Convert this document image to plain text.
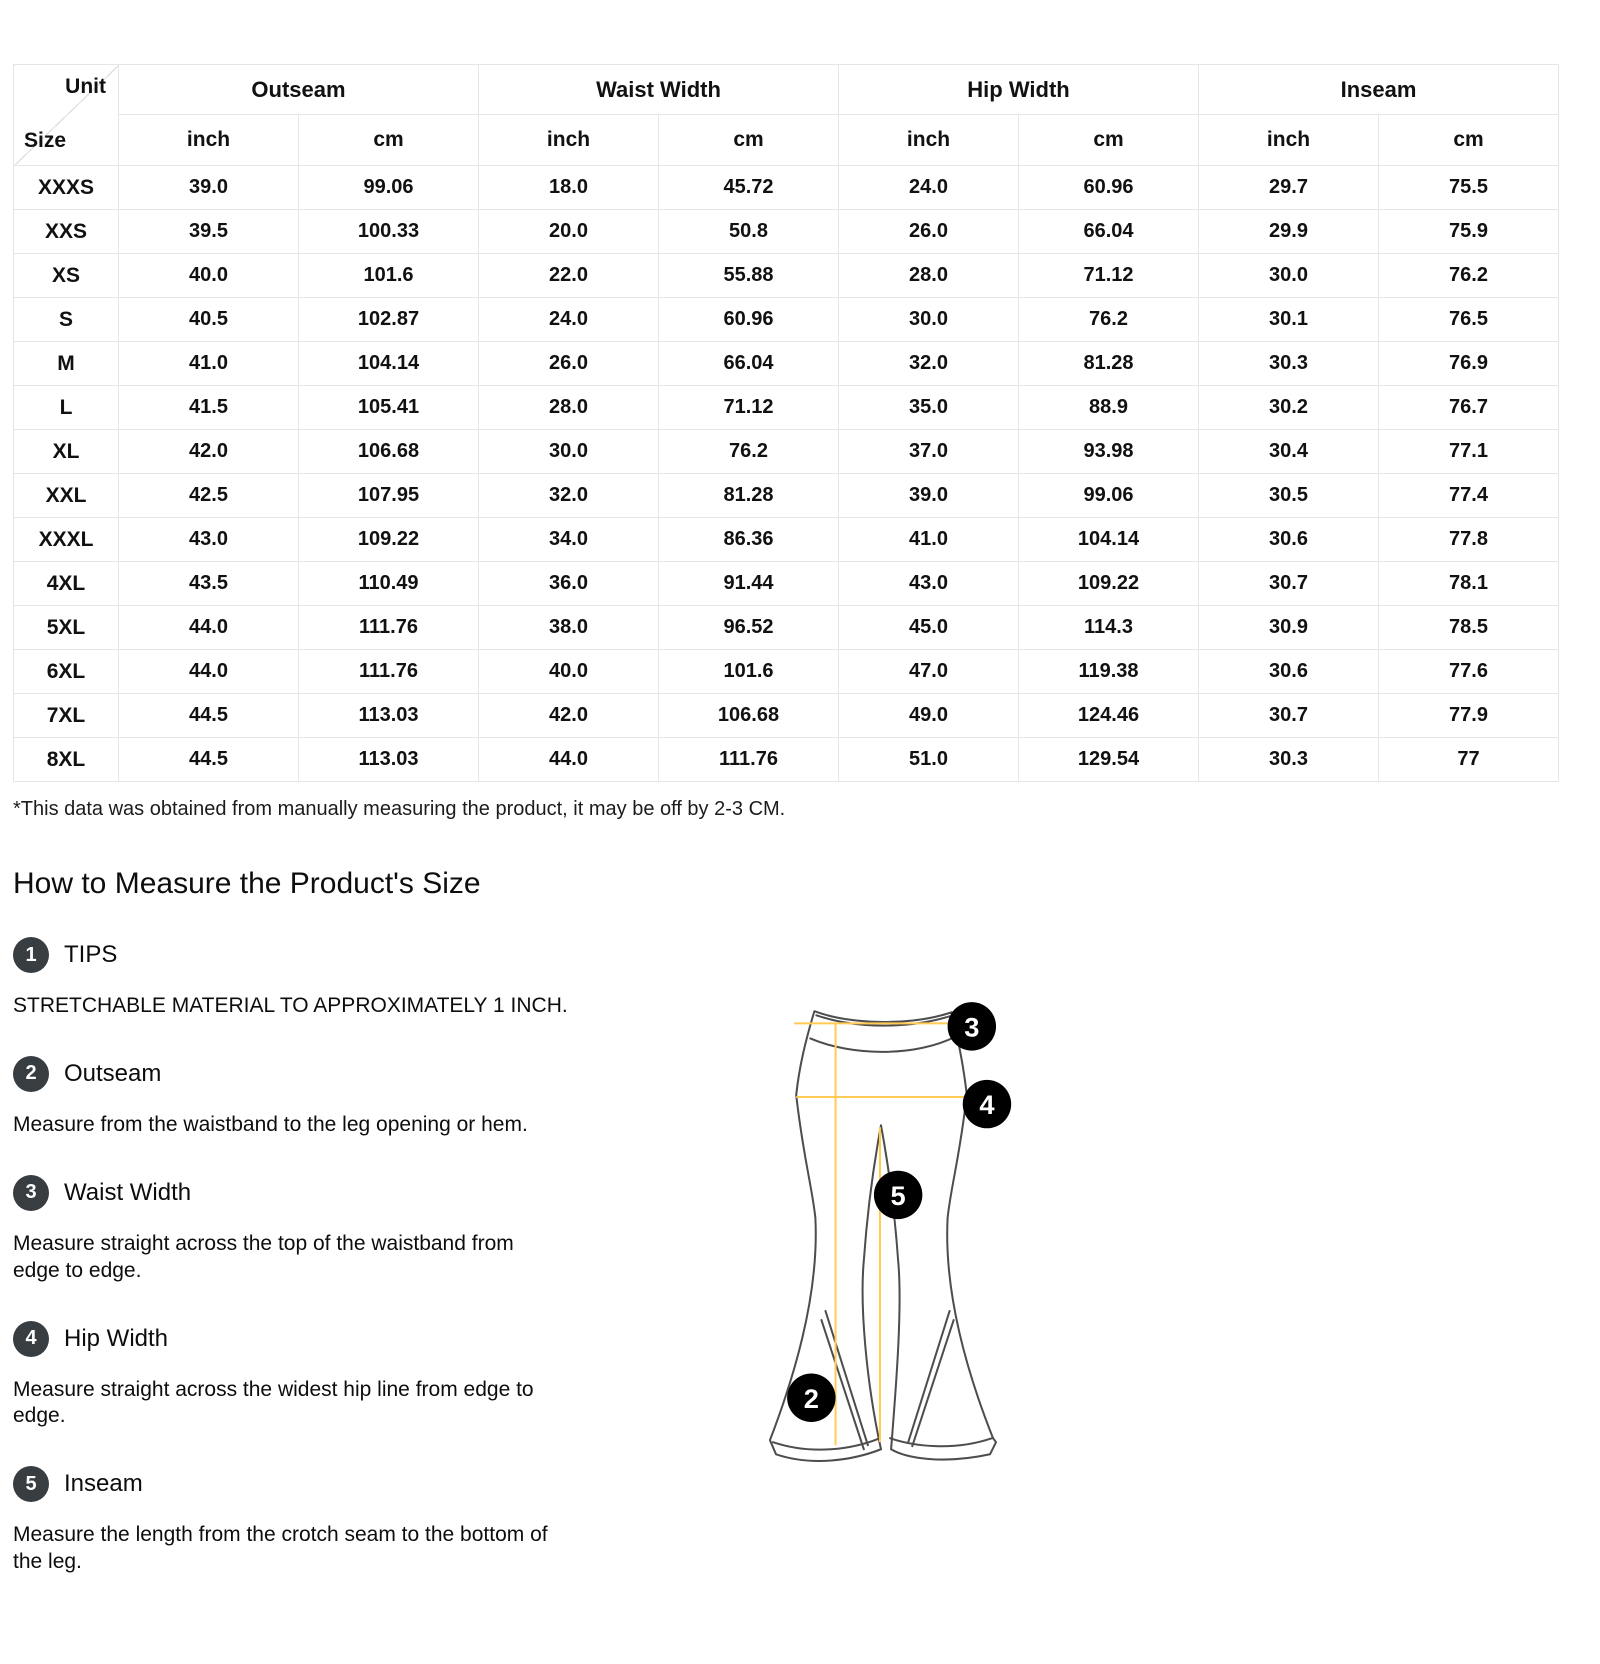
Unit
Size	Outseam		Waist Width		Hip Width		Inseam	
	inch	cm	inch	cm	inch	cm	inch	cm
XXXS	39.0	99.06	18.0	45.72	24.0	60.96	29.7	75.5
XXS	39.5	100.33	20.0	50.8	26.0	66.04	29.9	75.9
XS	40.0	101.6	22.0	55.88	28.0	71.12	30.0	76.2
S	40.5	102.87	24.0	60.96	30.0	76.2	30.1	76.5
M	41.0	104.14	26.0	66.04	32.0	81.28	30.3	76.9
L	41.5	105.41	28.0	71.12	35.0	88.9	30.2	76.7
XL	42.0	106.68	30.0	76.2	37.0	93.98	30.4	77.1
XXL	42.5	107.95	32.0	81.28	39.0	99.06	30.5	77.4
XXXL	43.0	109.22	34.0	86.36	41.0	104.14	30.6	77.8
4XL	43.5	110.49	36.0	91.44	43.0	109.22	30.7	78.1
5XL	44.0	111.76	38.0	96.52	45.0	114.3	30.9	78.5
6XL	44.0	111.76	40.0	101.6	47.0	119.38	30.6	77.6
7XL	44.5	113.03	42.0	106.68	49.0	124.46	30.7	77.9
8XL	44.5	113.03	44.0	111.76	51.0	129.54	30.3	77
*This data was obtained from manually measuring the product, it may be off by 2-3 CM.
How to Measure the Product's Size
1	TIPS

STRETCHABLE MATERIAL TO APPROXIMATELY 1 INCH.

2	Outseam

Measure from the waistband to the leg opening or hem.

3	Waist Width

Measure straight across the top of the waistband from edge to edge.

4	Hip Width

Measure straight across the widest hip line from edge to edge.

5	Inseam

Measure the length from the crotch seam to the bottom of the leg.

3
4
5
2
